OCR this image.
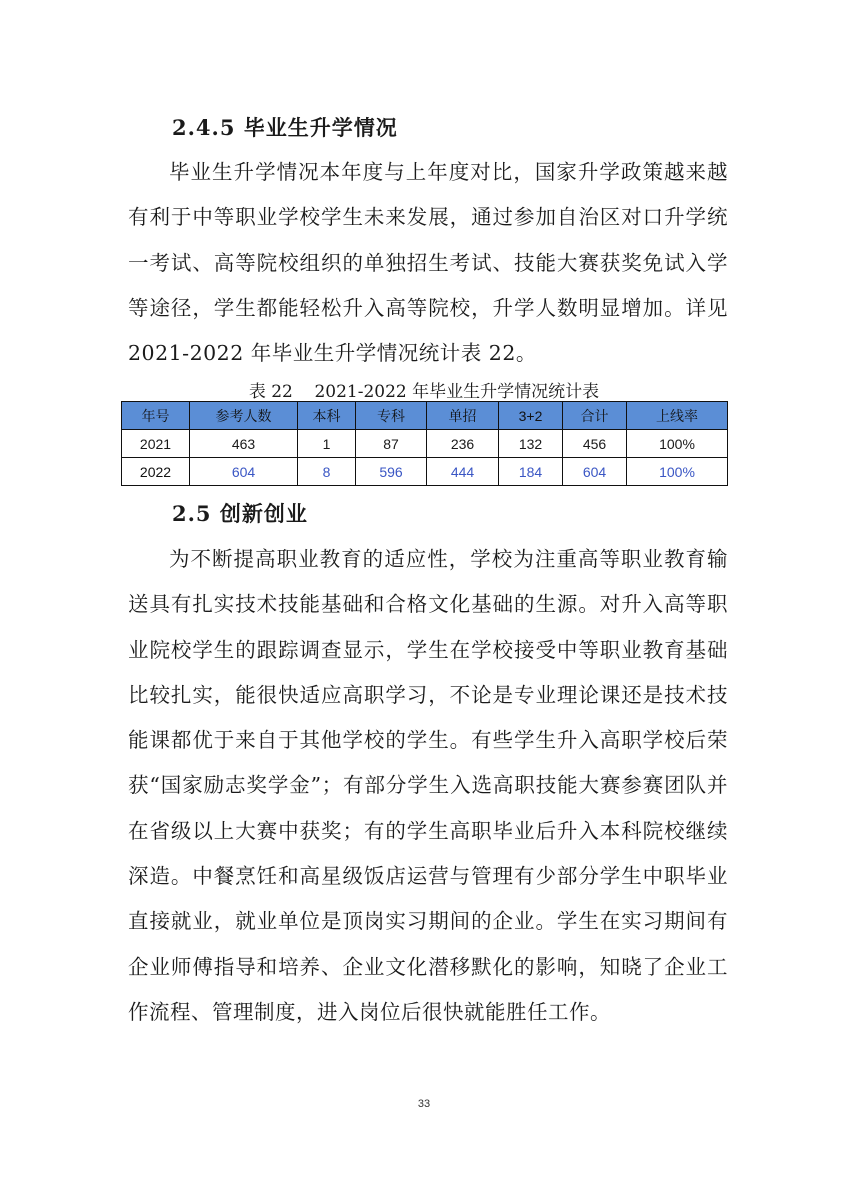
2.4.5 毕业生升学情况

毕业生升学情况本年度与上年度对比，国家升学政策越来越有利于中等职业学校学生未来发展，通过参加自治区对口升学统一考试、高等院校组织的单独招生考试、技能大赛获奖免试入学等途径，学生都能轻松升入高等院校，升学人数明显增加。详见 2021-2022 年毕业生升学情况统计表 22。

表 22    2021-2022 年毕业生升学情况统计表
年号	参考人数	本科	专科	单招	3+2	合计	上线率
2021	463	1	87	236	132	456	100%
2022	604	8	596	444	184	604	100%
2.5 创新创业

为不断提高职业教育的适应性，学校为注重高等职业教育输送具有扎实技术技能基础和合格文化基础的生源。对升入高等职业院校学生的跟踪调查显示，学生在学校接受中等职业教育基础比较扎实，能很快适应高职学习，不论是专业理论课还是技术技能课都优于来自于其他学校的学生。有些学生升入高职学校后荣获“国家励志奖学金”；有部分学生入选高职技能大赛参赛团队并在省级以上大赛中获奖；有的学生高职毕业后升入本科院校继续深造。中餐烹饪和高星级饭店运营与管理有少部分学生中职毕业直接就业，就业单位是顶岗实习期间的企业。学生在实习期间有企业师傅指导和培养、企业文化潜移默化的影响，知晓了企业工作流程、管理制度，进入岗位后很快就能胜任工作。

33
